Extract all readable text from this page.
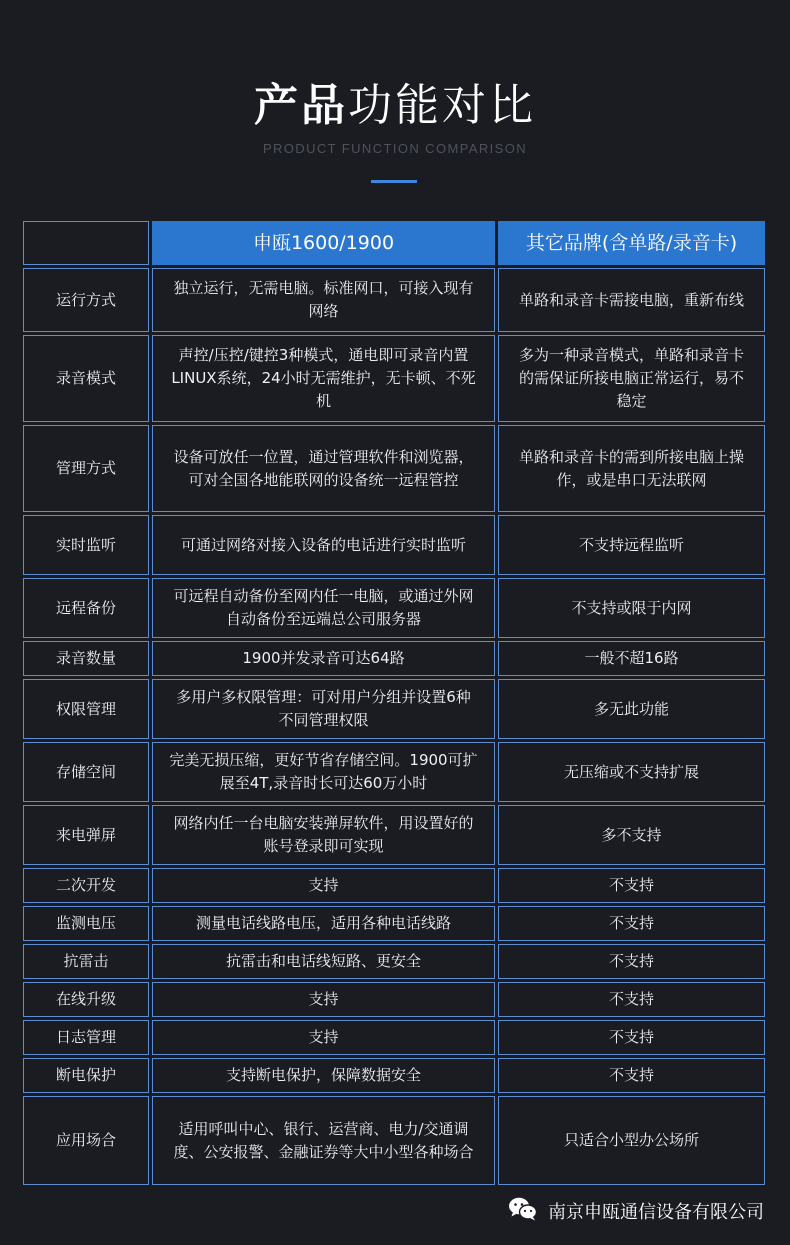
产品功能对比
PRODUCT FUNCTION COMPARISON
	申瓯1600/1900	其它品牌(含单路/录音卡)
运行方式	独立运行，无需电脑。标准网口，可接入现有网络	单路和录音卡需接电脑，重新布线
录音模式	声控/压控/键控3种模式，通电即可录音内置LINUX系统，24小时无需维护，无卡顿、不死机	多为一种录音模式，单路和录音卡的需保证所接电脑正常运行，易不稳定
管理方式	设备可放任一位置，通过管理软件和浏览器，可对全国各地能联网的设备统一远程管控	单路和录音卡的需到所接电脑上操作，或是串口无法联网
实时监听	可通过网络对接入设备的电话进行实时监听	不支持远程监听
远程备份	可远程自动备份至网内任一电脑，或通过外网自动备份至远端总公司服务器	不支持或限于内网
录音数量	1900并发录音可达64路	一般不超16路
权限管理	多用户多权限管理：可对用户分组并设置6种不同管理权限	多无此功能
存储空间	完美无损压缩，更好节省存储空间。1900可扩展至4T,录音时长可达60万小时	无压缩或不支持扩展
来电弹屏	网络内任一台电脑安装弹屏软件，用设置好的账号登录即可实现	多不支持
二次开发	支持	不支持
监测电压	测量电话线路电压，适用各种电话线路	不支持
抗雷击	抗雷击和电话线短路、更安全	不支持
在线升级	支持	不支持
日志管理	支持	不支持
断电保护	支持断电保护，保障数据安全	不支持
应用场合	适用呼叫中心、银行、运营商、电力/交通调度、公安报警、金融证券等大中小型各种场合	只适合小型办公场所
南京申瓯通信设备有限公司
